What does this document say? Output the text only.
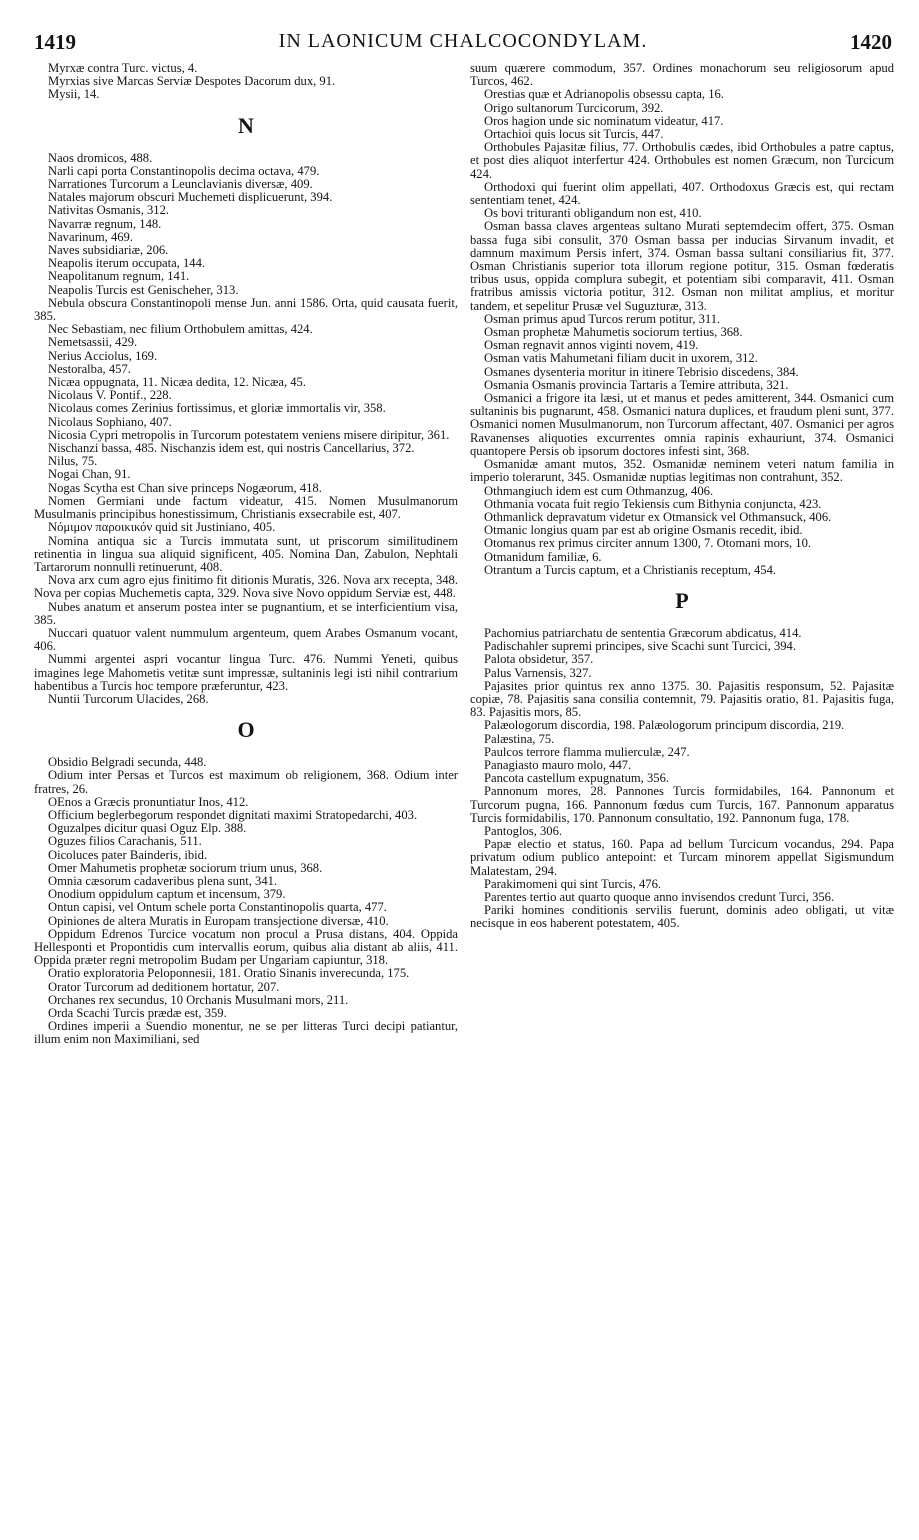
1419	IN LAONICUM CHALCOCONDYLAM.	1420

Myrxæ contra Turc. victus, 4.

Myrxias sive Marcas Serviæ Despotes Dacorum dux, 91.

Mysii, 14.

N

Naos dromicos, 488.

Narli capi porta Constantinopolis decima octava, 479.

Narrationes Turcorum a Leunclavianis diversæ, 409.

Natales majorum obscuri Muchemeti displicuerunt, 394.

Nativitas Osmanis, 312.

Navarræ regnum, 148.

Navarinum, 469.

Naves subsidiariæ, 206.

Neapolis iterum occupata, 144.

Neapolitanum regnum, 141.

Neapolis Turcis est Genischeher, 313.

Nebula obscura Constantinopoli mense Jun. anni 1586. Orta, quid causata fuerit, 385.

Nec Sebastiam, nec filium Orthobulem amittas, 424.

Nemetsassii, 429.

Nerius Acciolus, 169.

Nestoralba, 457.

Nicæa oppugnata, 11. Nicæa dedita, 12. Nicæa, 45.

Nicolaus V. Pontif., 228.

Nicolaus comes Zerinius fortissimus, et gloriæ immortalis vir, 358.

Nicolaus Sophiano, 407.

Nicosia Cypri metropolis in Turcorum potestatem veniens misere diripitur, 361.

Nischanzi bassa, 485. Nischanzis idem est, qui nostris Cancellarius, 372.

Nilus, 75.

Nogai Chan, 91.

Nogas Scytha est Chan sive princeps Nogæorum, 418.

Nomen Germiani unde factum videatur, 415. Nomen Musulmanorum Musulmanis principibus honestissimum, Christianis exsecrabile est, 407.

Νόμιμον παροικικόν quid sit Justiniano, 405.

Nomina antiqua sic a Turcis immutata sunt, ut priscorum similitudinem retinentia in lingua sua aliquid significent, 405. Nomina Dan, Zabulon, Nephtali Tartarorum nonnulli retinuerunt, 408.

Nova arx cum agro ejus finitimo fit ditionis Muratis, 326. Nova arx recepta, 348. Nova per copias Muchemetis capta, 329. Nova sive Novo oppidum Serviæ est, 448.

Nubes anatum et anserum postea inter se pugnantium, et se interficientium visa, 385.

Nuccari quatuor valent nummulum argenteum, quem Arabes Osmanum vocant, 406.

Nummi argentei aspri vocantur lingua Turc. 476. Nummi Yeneti, quibus imagines lege Mahometis vetitæ sunt impressæ, sultaninis legi isti nihil contrarium habentibus a Turcis hoc tempore præferuntur, 423.

Nuntii Turcorum Ulacides, 268.

O

Obsidio Belgradi secunda, 448.

Odium inter Persas et Turcos est maximum ob religionem, 368. Odium inter fratres, 26.

OEnos a Græcis pronuntiatur Inos, 412.

Officium beglerbegorum respondet dignitati maximi Stratopedarchi, 403.

Oguzalpes dicitur quasi Oguz Elp. 388.

Oguzes filios Carachanis, 511.

Oicoluces pater Bainderis, ibid.

Omer Mahumetis prophetæ sociorum trium unus, 368.

Omnia cæsorum cadaveribus plena sunt, 341.

Onodium oppidulum captum et incensum, 379.

Ontun capisi, vel Ontum schele porta Constantinopolis quarta, 477.

Opiniones de altera Muratis in Europam transjectione diversæ, 410.

Oppidum Edrenos Turcice vocatum non procul a Prusa distans, 404. Oppida Hellesponti et Propontidis cum intervallis eorum, quibus alia distant ab aliis, 411. Oppida præter regni metropolim Budam per Ungariam capiuntur, 318.

Oratio exploratoria Peloponnesii, 181. Oratio Sinanis inverecunda, 175.

Orator Turcorum ad deditionem hortatur, 207.

Orchanes rex secundus, 10 Orchanis Musulmani mors, 211.

Orda Scachi Turcis prædæ est, 359.

Ordines imperii a Suendio monentur, ne se per litteras Turci decipi patiantur, illum enim non Maximiliani, sed

suum quærere commodum, 357. Ordines monachorum seu religiosorum apud Turcos, 462.

Orestias quæ et Adrianopolis obsessu capta, 16.

Origo sultanorum Turcicorum, 392.

Oros hagion unde sic nominatum videatur, 417.

Ortachioi quis locus sit Turcis, 447.

Orthobules Pajasitæ filius, 77. Orthobulis cædes, ibid Orthobules a patre captus, et post dies aliquot interfertur 424. Orthobules est nomen Græcum, non Turcicum 424.

Orthodoxi qui fuerint olim appellati, 407. Orthodoxus Græcis est, qui rectam sententiam tenet, 424.

Os bovi trituranti obligandum non est, 410.

Osman bassa claves argenteas sultano Murati septemdecim offert, 375. Osman bassa fuga sibi consulit, 370 Osman bassa per inducias Sirvanum invadit, et damnum maximum Persis infert, 374. Osman bassa sultani consiliarius fit, 377. Osman Christianis superior tota illorum regione potitur, 315. Osman fœderatis tribus usus, oppida complura subegit, et potentiam sibi comparavit, 411. Osman fratribus amissis victoria potitur, 312. Osman non militat amplius, et moritur tandem, et sepelitur Prusæ vel Suguzturæ, 313.

Osman primus apud Turcos rerum potitur, 311.

Osman prophetæ Mahumetis sociorum tertius, 368.

Osman regnavit annos viginti novem, 419.

Osman vatis Mahumetani filiam ducit in uxorem, 312.

Osmanes dysenteria moritur in itinere Tebrisio discedens, 384.

Osmania Osmanis provincia Tartaris a Temire attributa, 321.

Osmanici a frigore ita læsi, ut et manus et pedes amitterent, 344. Osmanici cum sultaninis bis pugnarunt, 458. Osmanici natura duplices, et fraudum pleni sunt, 377. Osmanici nomen Musulmanorum, non Turcorum affectant, 407. Osmanici per agros Ravanenses aliquoties excurrentes omnia rapinis exhauriunt, 374. Osmanici quantopere Persis ob ipsorum doctores infesti sint, 368.

Osmanidæ amant mutos, 352. Osmanidæ neminem veteri natum familia in imperio tolerarunt, 345. Osmanidæ nuptias legitimas non contrahunt, 352.

Othmangiuch idem est cum Othmanzug, 406.

Othmania vocata fuit regio Tekiensis cum Bithynia conjuncta, 423.

Othmanlick depravatum videtur ex Otmansick vel Othmansuck, 406.

Otmanic longius quam par est ab origine Osmanis recedit, ibid.

Otomanus rex primus circiter annum 1300, 7. Otomani mors, 10.

Otmanidum familiæ, 6.

Otrantum a Turcis captum, et a Christianis receptum, 454.

P

Pachomius patriarchatu de sententia Græcorum abdicatus, 414.

Padischahler supremi principes, sive Scachi sunt Turcici, 394.

Palota obsidetur, 357.

Palus Varnensis, 327.

Pajasites prior quintus rex anno 1375. 30. Pajasitis responsum, 52. Pajasitæ copiæ, 78. Pajasitis sana consilia contemnit, 79. Pajasitis oratio, 81. Pajasitis fuga, 83. Pajasitis mors, 85.

Palæologorum discordia, 198. Palæologorum principum discordia, 219.

Palæstina, 75.

Paulcos terrore flamma mulierculæ, 247.

Panagiasto mauro molo, 447.

Pancota castellum expugnatum, 356.

Pannonum mores, 28. Pannones Turcis formidabiles, 164. Pannonum et Turcorum pugna, 166. Pannonum fœdus cum Turcis, 167. Pannonum apparatus Turcis formidabilis, 170. Pannonum consultatio, 192. Pannonum fuga, 178.

Pantoglos, 306.

Papæ electio et status, 160. Papa ad bellum Turcicum vocandus, 294. Papa privatum odium publico antepoint: et Turcam minorem appellat Sigismundum Malatestam, 294.

Parakimomeni qui sint Turcis, 476.

Parentes tertio aut quarto quoque anno invisendos credunt Turci, 356.

Pariki homines conditionis servilis fuerunt, dominis adeo obligati, ut vitæ necisque in eos haberent potestatem, 405.
